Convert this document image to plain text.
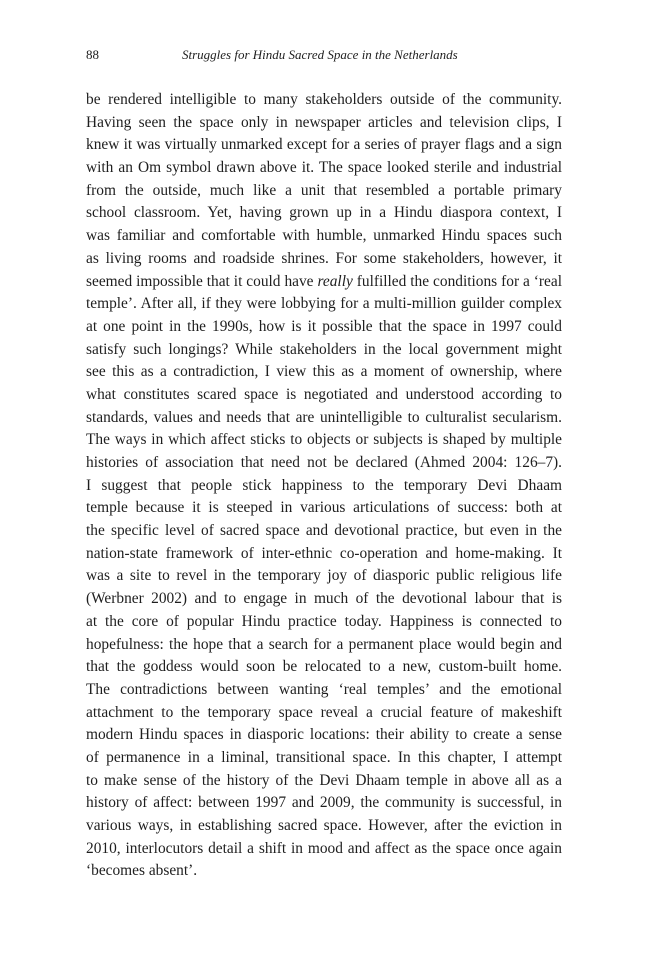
88	Struggles for Hindu Sacred Space in the Netherlands
be rendered intelligible to many stakeholders outside of the community.
Having seen the space only in newspaper articles and television clips, I
knew it was virtually unmarked except for a series of prayer flags and a sign
with an Om symbol drawn above it. The space looked sterile and industrial
from the outside, much like a unit that resembled a portable primary
school classroom. Yet, having grown up in a Hindu diaspora context, I
was familiar and comfortable with humble, unmarked Hindu spaces such
as living rooms and roadside shrines. For some stakeholders, however, it
seemed impossible that it could have really fulfilled the conditions for a ‘real
temple’. After all, if they were lobbying for a multi-million guilder complex
at one point in the 1990s, how is it possible that the space in 1997 could
satisfy such longings? While stakeholders in the local government might
see this as a contradiction, I view this as a moment of ownership, where
what constitutes scared space is negotiated and understood according to
standards, values and needs that are unintelligible to culturalist secularism.
The ways in which affect sticks to objects or subjects is shaped by multiple
histories of association that need not be declared (Ahmed 2004: 126–7).
I suggest that people stick happiness to the temporary Devi Dhaam
temple because it is steeped in various articulations of success: both at
the specific level of sacred space and devotional practice, but even in the
nation-state framework of inter-ethnic co-operation and home-making. It
was a site to revel in the temporary joy of diasporic public religious life
(Werbner 2002) and to engage in much of the devotional labour that is
at the core of popular Hindu practice today. Happiness is connected to
hopefulness: the hope that a search for a permanent place would begin and
that the goddess would soon be relocated to a new, custom-built home.
The contradictions between wanting ‘real temples’ and the emotional
attachment to the temporary space reveal a crucial feature of makeshift
modern Hindu spaces in diasporic locations: their ability to create a sense
of permanence in a liminal, transitional space. In this chapter, I attempt
to make sense of the history of the Devi Dhaam temple in above all as a
history of affect: between 1997 and 2009, the community is successful, in
various ways, in establishing sacred space. However, after the eviction in
2010, interlocutors detail a shift in mood and affect as the space once again
‘becomes absent’.
